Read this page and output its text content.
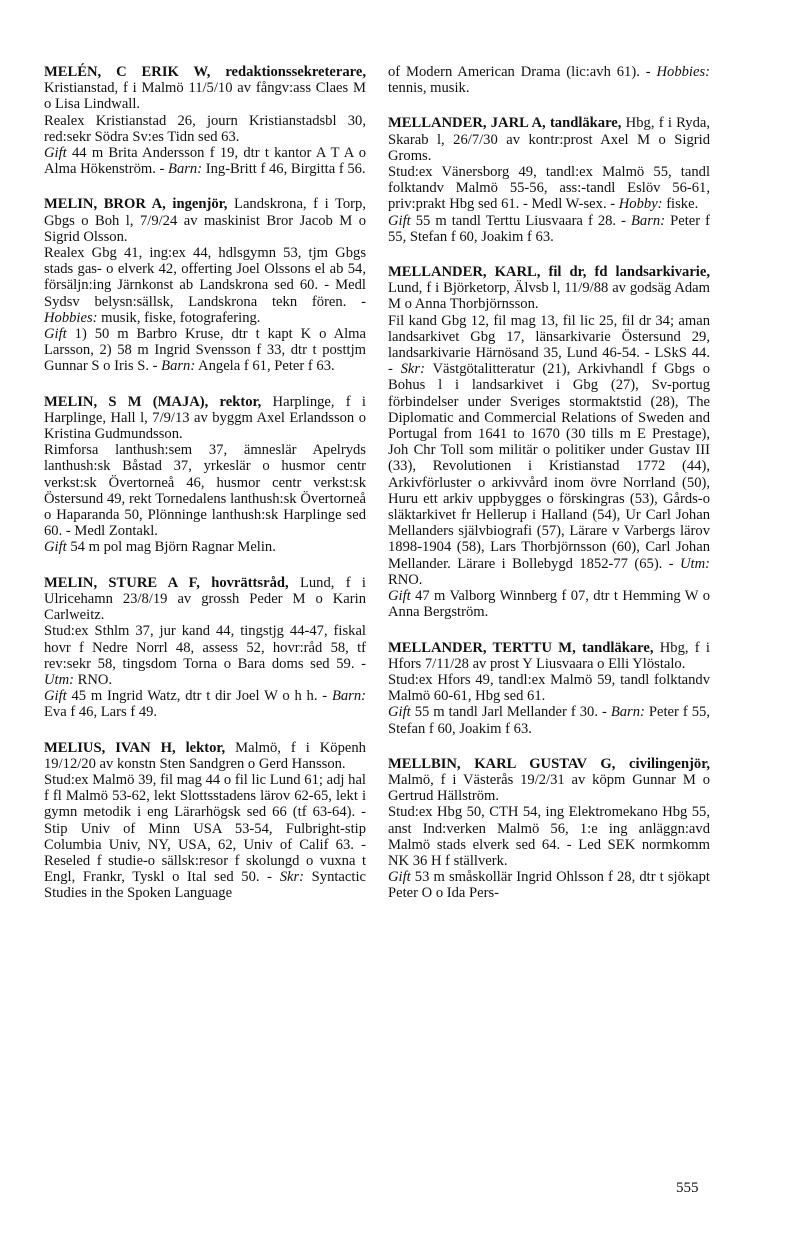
MELÉN, C ERIK W, redaktionssekreterare, Kristianstad, f i Malmö 11/5/10 av fångv:ass Claes M o Lisa Lindwall.

Realex Kristianstad 26, journ Kristianstadsbl 30, red:sekr Södra Sv:es Tidn sed 63.

Gift 44 m Brita Andersson f 19, dtr t kantor A T A o Alma Hökenström. - Barn: Ing-Britt f 46, Birgitta f 56.

MELIN, BROR A, ingenjör, Landskrona, f i Torp, Gbgs o Boh l, 7/9/24 av maskinist Bror Jacob M o Sigrid Olsson.

Realex Gbg 41, ing:ex 44, hdlsgymn 53, tjm Gbgs stads gas- o elverk 42, offerting Joel Olssons el ab 54, försäljn:ing Järnkonst ab Landskrona sed 60. - Medl Sydsv belysn:sällsk, Landskrona tekn fören. - Hobbies: musik, fiske, fotografering.

Gift 1) 50 m Barbro Kruse, dtr t kapt K o Alma Larsson, 2) 58 m Ingrid Svensson f 33, dtr t posttjm Gunnar S o Iris S. - Barn: Angela f 61, Peter f 63.

MELIN, S M (MAJA), rektor, Harplinge, f i Harplinge, Hall l, 7/9/13 av byggm Axel Erlandsson o Kristina Gudmundsson.

Rimforsa lanthush:sem 37, ämneslär Apelryds lanthush:sk Båstad 37, yrkeslär o husmor centr verkst:sk Övertorneå 46, husmor centr verkst:sk Östersund 49, rekt Tornedalens lanthush:sk Övertorneå o Haparanda 50, Plönninge lanthush:sk Harplinge sed 60. - Medl Zontakl.

Gift 54 m pol mag Björn Ragnar Melin.

MELIN, STURE A F, hovrättsråd, Lund, f i Ulricehamn 23/8/19 av grossh Peder M o Karin Carlweitz.

Stud:ex Sthlm 37, jur kand 44, tingstjg 44-47, fiskal hovr f Nedre Norrl 48, assess 52, hovr:råd 58, tf rev:sekr 58, tingsdom Torna o Bara doms sed 59. - Utm: RNO.

Gift 45 m Ingrid Watz, dtr t dir Joel W o h h. - Barn: Eva f 46, Lars f 49.

MELIUS, IVAN H, lektor, Malmö, f i Köpenh 19/12/20 av konstn Sten Sandgren o Gerd Hansson.

Stud:ex Malmö 39, fil mag 44 o fil lic Lund 61; adj hal f fl Malmö 53-62, lekt Slottsstadens lärov 62-65, lekt i gymn metodik i eng Lärarhögsk sed 66 (tf 63-64). - Stip Univ of Minn USA 53-54, Fulbright-stip Columbia Univ, NY, USA, 62, Univ of Calif 63. - Reseled f studie-o sällsk:resor f skolungd o vuxna t Engl, Frankr, Tyskl o Ital sed 50. - Skr: Syntactic Studies in the Spoken Language

of Modern American Drama (lic:avh 61). - Hobbies: tennis, musik.

MELLANDER, JARL A, tandläkare, Hbg, f i Ryda, Skarab l, 26/7/30 av kontr:prost Axel M o Sigrid Groms.

Stud:ex Vänersborg 49, tandl:ex Malmö 55, tandl folktandv Malmö 55-56, ass:-tandl Eslöv 56-61, priv:prakt Hbg sed 61. - Medl W-sex. - Hobby: fiske.

Gift 55 m tandl Terttu Liusvaara f 28. - Barn: Peter f 55, Stefan f 60, Joakim f 63.

MELLANDER, KARL, fil dr, fd landsarkivarie, Lund, f i Björketorp, Älvsb l, 11/9/88 av godsäg Adam M o Anna Thorbjörnsson.

Fil kand Gbg 12, fil mag 13, fil lic 25, fil dr 34; aman landsarkivet Gbg 17, länsarkivarie Östersund 29, landsarkivarie Härnösand 35, Lund 46-54. - LSkS 44. - Skr: Västgötalitteratur (21), Arkivhandl f Gbgs o Bohus l i landsarkivet i Gbg (27), Sv-portug förbindelser under Sveriges stormaktstid (28), The Diplomatic and Commercial Relations of Sweden and Portugal from 1641 to 1670 (30 tills m E Prestage), Joh Chr Toll som militär o politiker under Gustav III (33), Revolutionen i Kristianstad 1772 (44), Arkivförluster o arkivvård inom övre Norrland (50), Huru ett arkiv uppbygges o förskingras (53), Gårds-o släktarkivet fr Hellerup i Halland (54), Ur Carl Johan Mellanders självbiografi (57), Lärare v Varbergs lärov 1898-1904 (58), Lars Thorbjörnsson (60), Carl Johan Mellander. Lärare i Bollebygd 1852-77 (65). - Utm: RNO.

Gift 47 m Valborg Winnberg f 07, dtr t Hemming W o Anna Bergström.

MELLANDER, TERTTU M, tandläkare, Hbg, f i Hfors 7/11/28 av prost Y Liusvaara o Elli Ylöstalo.

Stud:ex Hfors 49, tandl:ex Malmö 59, tandl folktandv Malmö 60-61, Hbg sed 61.

Gift 55 m tandl Jarl Mellander f 30. - Barn: Peter f 55, Stefan f 60, Joakim f 63.

MELLBIN, KARL GUSTAV G, civilingenjör, Malmö, f i Västerås 19/2/31 av köpm Gunnar M o Gertrud Hällström.

Stud:ex Hbg 50, CTH 54, ing Elektromekano Hbg 55, anst Ind:verken Malmö 56, 1:e ing anläggn:avd Malmö stads elverk sed 64. - Led SEK normkomm NK 36 H f ställverk.

Gift 53 m småskollär Ingrid Ohlsson f 28, dtr t sjökapt Peter O o Ida Pers-

555
